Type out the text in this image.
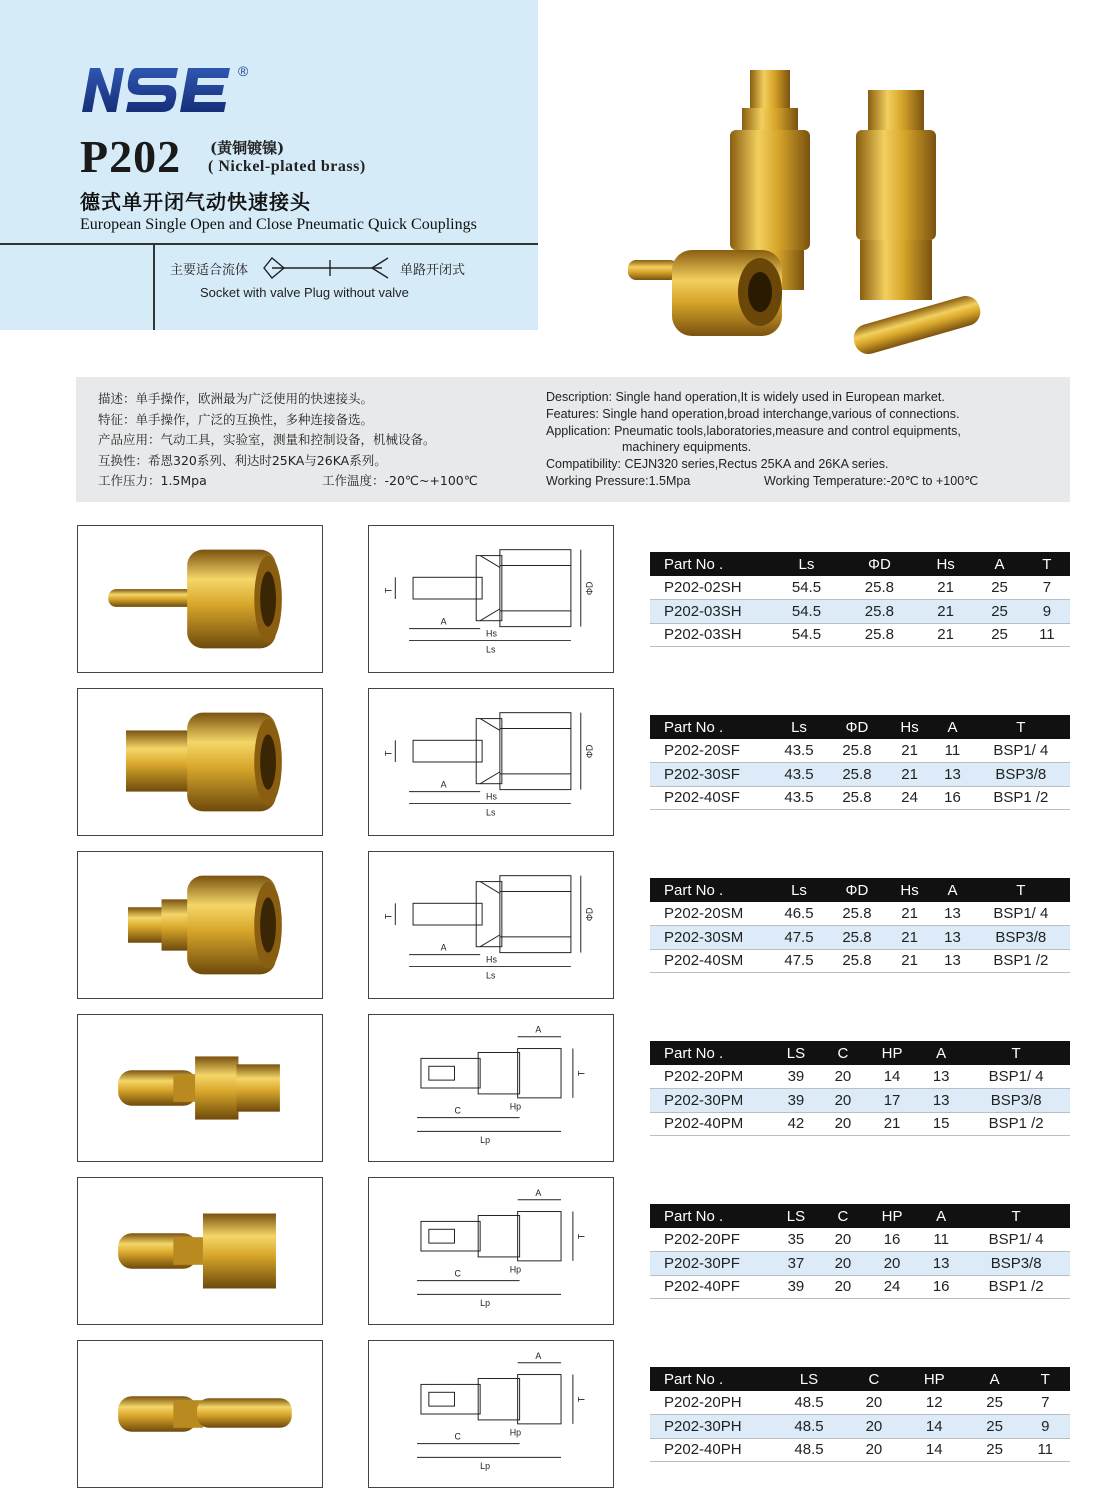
®
P202 (黄铜镀镍)
( Nickel-plated brass)
德式单开闭气动快速接头
European Single Open and Close Pneumatic Quick Couplings
主要适合流体	单路开闭式
Socket with valve Plug without valve
描述：单手操作，欧洲最为广泛使用的快速接头。
特征：单手操作，广泛的互换性，多种连接备选。
产品应用：气动工具，实验室，测量和控制设备，机械设备。
互换性：希恩320系列、利达时25KA与26KA系列。
工作压力：1.5Mpa	工作温度：-20℃~+100℃
Description: Single hand operation,It is widely used in European market.
Features: Single hand operation,broad interchange,various of connections.
Application: Pneumatic tools,laboratories,measure and control equipments,
machinery equipments.
Compatibility: CEJN320 series,Rectus 25KA and 26KA series.
Working Pressure:1.5Mpa	Working Temperature:-20℃ to +100℃
A
Hs
Ls
ΦD
T
Part No .	Ls	ΦD	Hs	A	T
P202-02SH	54.5	25.8	21	25	7
P202-03SH	54.5	25.8	21	25	9
P202-03SH	54.5	25.8	21	25	11
A
Hs
Ls
ΦD
T
Part No .	Ls	ΦD	Hs	A	T
P202-20SF	43.5	25.8	21	11	BSP1/ 4
P202-30SF	43.5	25.8	21	13	BSP3/8
P202-40SF	43.5	25.8	24	16	BSP1 /2
A
Hs
Ls
ΦD
T
Part No .	Ls	ΦD	Hs	A	T
P202-20SM	46.5	25.8	21	13	BSP1/ 4
P202-30SM	47.5	25.8	21	13	BSP3/8
P202-40SM	47.5	25.8	21	13	BSP1 /2
C	Hp
Lp
A
T
Part No .	LS	C	HP	A	T
P202-20PM	39	20	14	13	BSP1/ 4
P202-30PM	39	20	17	13	BSP3/8
P202-40PM	42	20	21	15	BSP1 /2
C	Hp
Lp
A
T
Part No .	LS	C	HP	A	T
P202-20PF	35	20	16	11	BSP1/ 4
P202-30PF	37	20	20	13	BSP3/8
P202-40PF	39	20	24	16	BSP1 /2
C	Hp
Lp
A
T
Part No .	LS	C	HP	A	T
P202-20PH	48.5	20	12	25	7
P202-30PH	48.5	20	14	25	9
P202-40PH	48.5	20	14	25	11
